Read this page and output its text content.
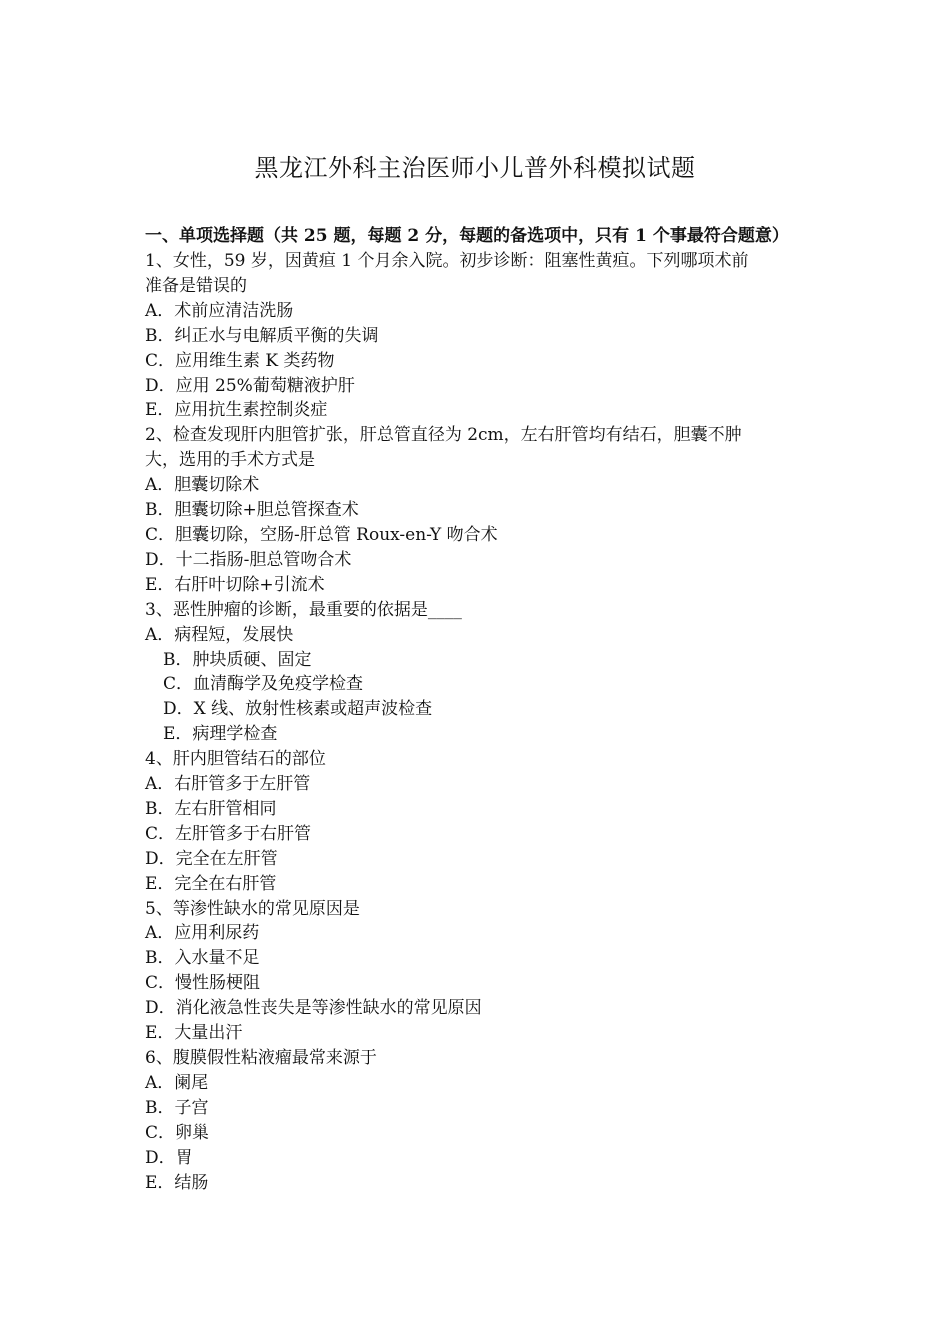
黑龙江外科主治医师小儿普外科模拟试题

一、单项选择题（共 25 题，每题 2 分，每题的备选项中，只有 1 个事最符合题意）

1、女性，59 岁，因黄疸 1 个月余入院。初步诊断：阻塞性黄疸。下列哪项术前

准备是错误的

A．术前应清洁洗肠

B．纠正水与电解质平衡的失调

C．应用维生素 K 类药物

D．应用 25%葡萄糖液护肝

E．应用抗生素控制炎症

2、检查发现肝内胆管扩张，肝总管直径为 2cm，左右肝管均有结石，胆囊不肿

大，选用的手术方式是

A．胆囊切除术

B．胆囊切除+胆总管探查术

C．胆囊切除，空肠-肝总管 Roux-en-Y 吻合术

D．十二指肠-胆总管吻合术

E．右肝叶切除+引流术

3、恶性肿瘤的诊断，最重要的依据是____

A．病程短，发展快

B．肿块质硬、固定

C．血清酶学及免疫学检查

D．X 线、放射性核素或超声波检查

E．病理学检查

4、肝内胆管结石的部位

A．右肝管多于左肝管

B．左右肝管相同

C．左肝管多于右肝管

D．完全在左肝管

E．完全在右肝管

5、等渗性缺水的常见原因是

A．应用利尿药

B．入水量不足

C．慢性肠梗阻

D．消化液急性丧失是等渗性缺水的常见原因

E．大量出汗

6、腹膜假性粘液瘤最常来源于

A．阑尾

B．子宫

C．卵巢

D．胃

E．结肠
